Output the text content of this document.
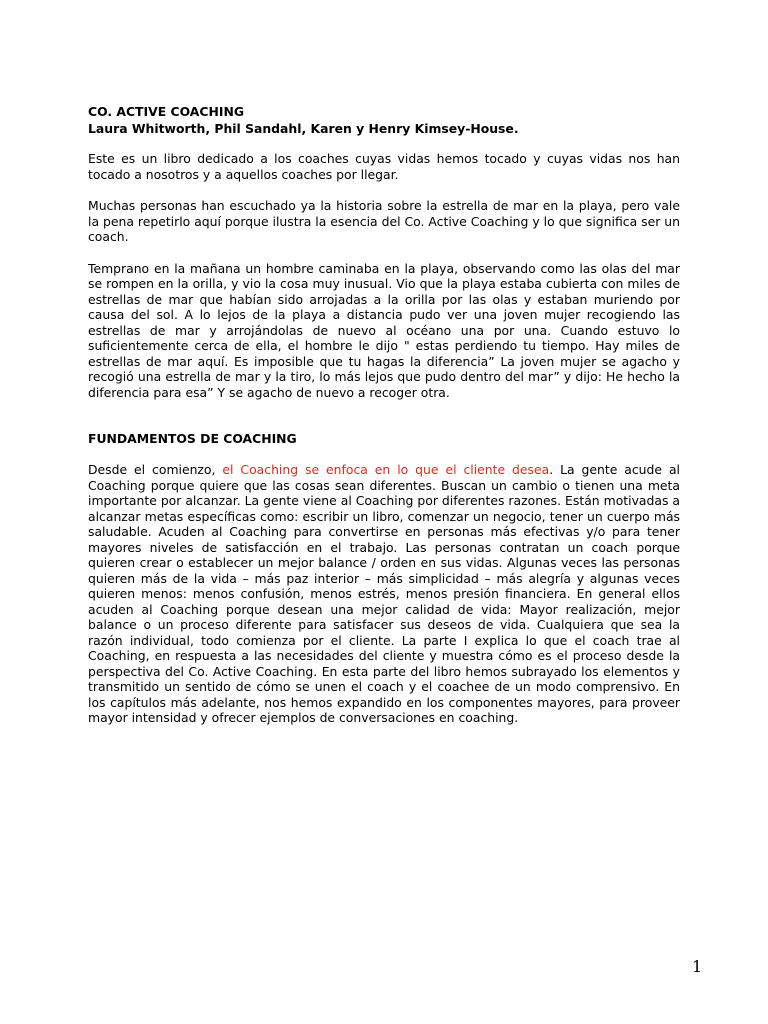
CO. ACTIVE COACHING

Laura Whitworth, Phil Sandahl, Karen y Henry Kimsey-House.

Este es un libro dedicado a los coaches cuyas vidas hemos tocado y cuyas vidas nos han tocado a nosotros y a aquellos coaches por llegar.

Muchas personas han escuchado ya la historia sobre la estrella de mar en la playa, pero vale la pena repetirlo aquí porque ilustra la esencia del Co. Active Coaching y lo que significa ser un coach.

Temprano en la mañana un hombre caminaba en la playa, observando como las olas del mar se rompen en la orilla, y vio la cosa muy inusual. Vio que la playa estaba cubierta con miles de estrellas de mar que habían sido arrojadas a la orilla por las olas y estaban muriendo por causa del sol. A lo lejos de la playa a distancia pudo ver una joven mujer recogiendo las estrellas de mar y arrojándolas de nuevo al océano una por una. Cuando estuvo lo suficientemente cerca de ella, el hombre le dijo " estas perdiendo tu tiempo. Hay miles de estrellas de mar aquí. Es imposible que tu hagas la diferencia” La joven mujer se agacho y recogió una estrella de mar y la tiro, lo más lejos que pudo dentro del mar” y dijo: He hecho la diferencia para esa” Y se agacho de nuevo a recoger otra.

FUNDAMENTOS DE COACHING

Desde el comienzo, el Coaching se enfoca en lo que el cliente desea. La gente acude al Coaching porque quiere que las cosas sean diferentes. Buscan un cambio o tienen una meta importante por alcanzar. La gente viene al Coaching por diferentes razones. Están motivadas a alcanzar metas específicas como: escribir un libro, comenzar un negocio, tener un cuerpo más saludable. Acuden al Coaching para convertirse en personas más efectivas y/o para tener mayores niveles de satisfacción en el trabajo. Las personas contratan un coach porque quieren crear o establecer un mejor balance / orden en sus vidas. Algunas veces las personas quieren más de la vida – más paz interior – más simplicidad – más alegría y algunas veces quieren menos: menos confusión, menos estrés, menos presión financiera. En general ellos acuden al Coaching porque desean una mejor calidad de vida: Mayor realización, mejor balance o un proceso diferente para satisfacer sus deseos de vida. Cualquiera que sea la razón individual, todo comienza por el cliente. La parte I explica lo que el coach trae al Coaching, en respuesta a las necesidades del cliente y muestra cómo es el proceso desde la perspectiva del Co. Active Coaching. En esta parte del libro hemos subrayado los elementos y transmitido un sentido de cómo se unen el coach y el coachee de un modo comprensivo. En los capítulos más adelante, nos hemos expandido en los componentes mayores, para proveer mayor intensidad y ofrecer ejemplos de conversaciones en coaching.

1
